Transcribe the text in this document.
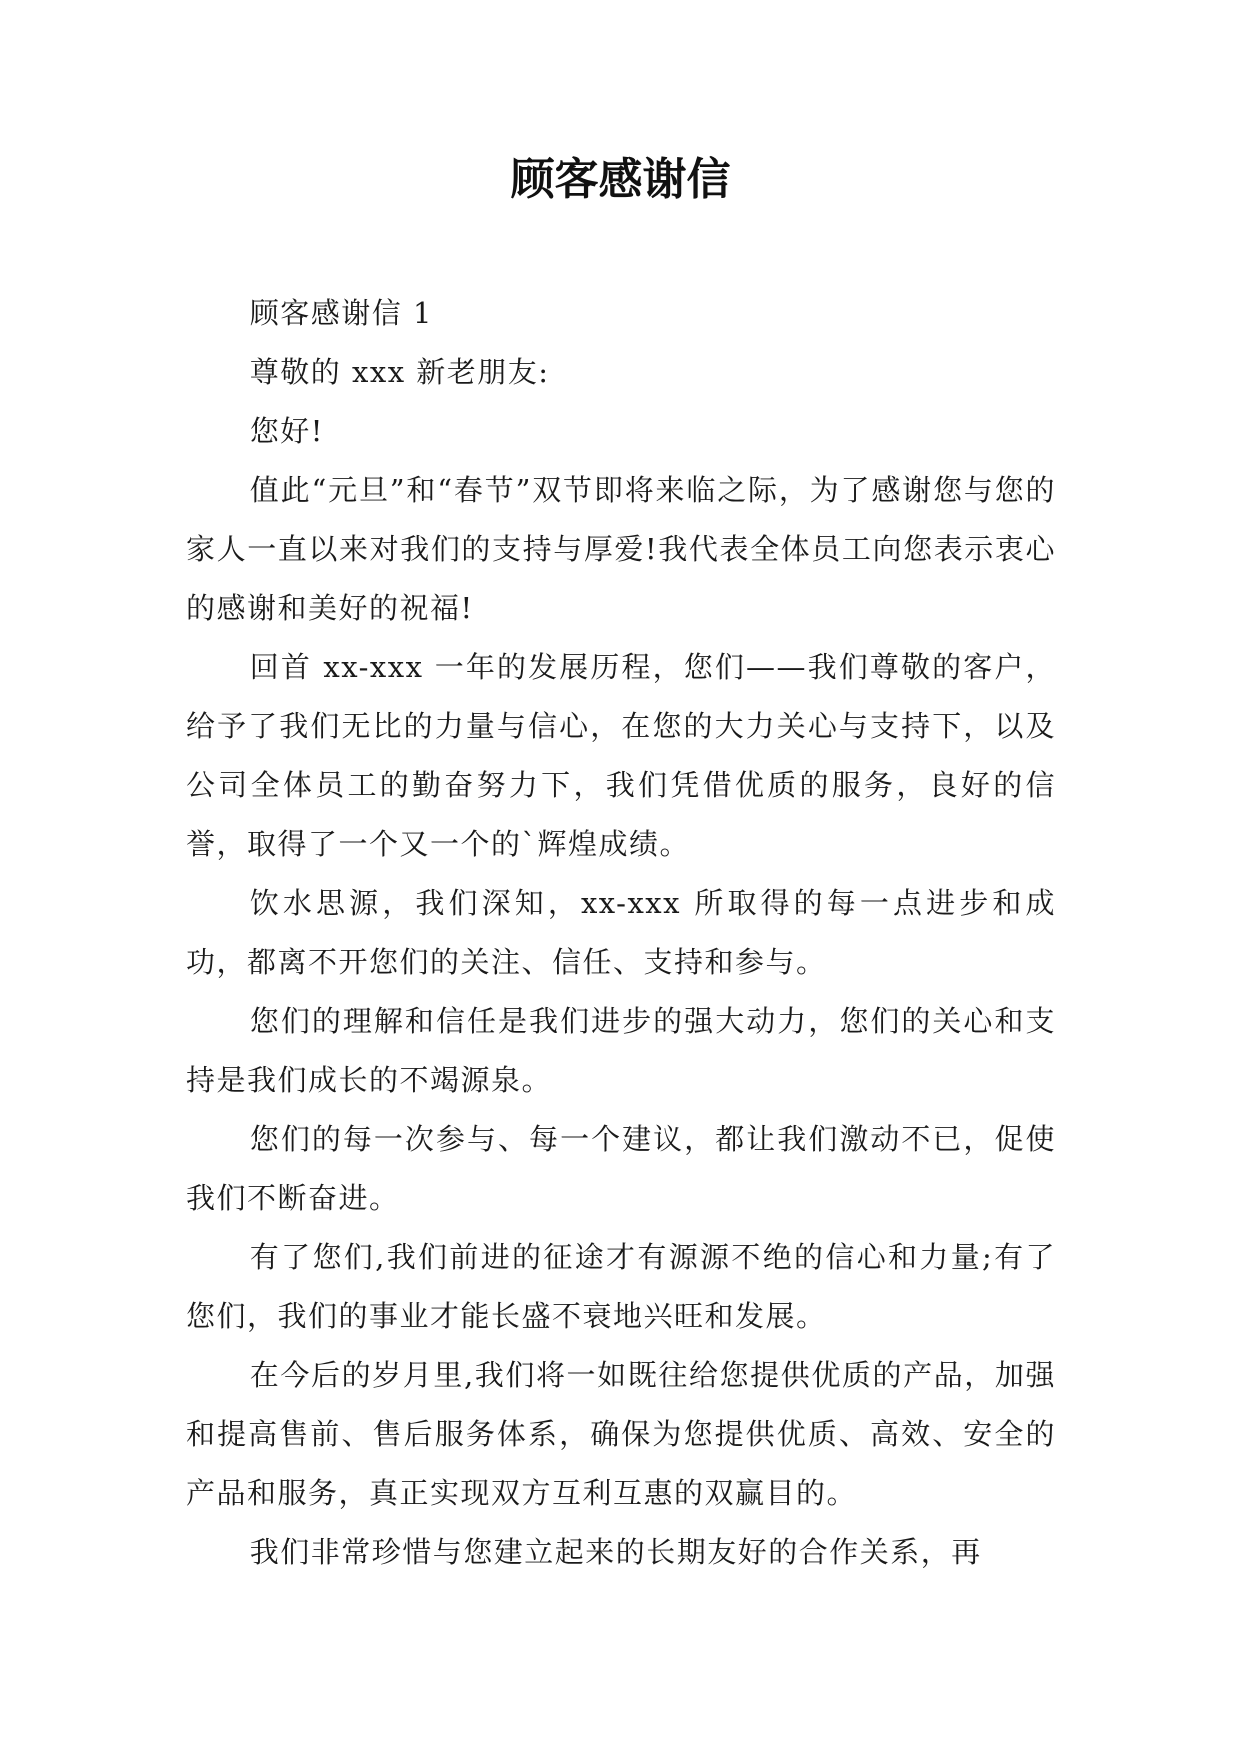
顾客感谢信

顾客感谢信 1

尊敬的 xxx 新老朋友:

您好!

值此“元旦”和“春节”双节即将来临之际，为了感谢您与您的家人一直以来对我们的支持与厚爱!我代表全体员工向您表示衷心的感谢和美好的祝福!

回首 xx-xxx 一年的发展历程，您们——我们尊敬的客户，给予了我们无比的力量与信心，在您的大力关心与支持下，以及公司全体员工的勤奋努力下，我们凭借优质的服务，良好的信誉，取得了一个又一个的`辉煌成绩。

饮水思源，我们深知，xx-xxx 所取得的每一点进步和成功，都离不开您们的关注、信任、支持和参与。

您们的理解和信任是我们进步的强大动力，您们的关心和支持是我们成长的不竭源泉。

您们的每一次参与、每一个建议，都让我们激动不已，促使我们不断奋进。

有了您们,我们前进的征途才有源源不绝的信心和力量;有了您们，我们的事业才能长盛不衰地兴旺和发展。

在今后的岁月里,我们将一如既往给您提供优质的产品，加强和提高售前、售后服务体系，确保为您提供优质、高效、安全的产品和服务，真正实现双方互利互惠的双赢目的。

我们非常珍惜与您建立起来的长期友好的合作关系，再
